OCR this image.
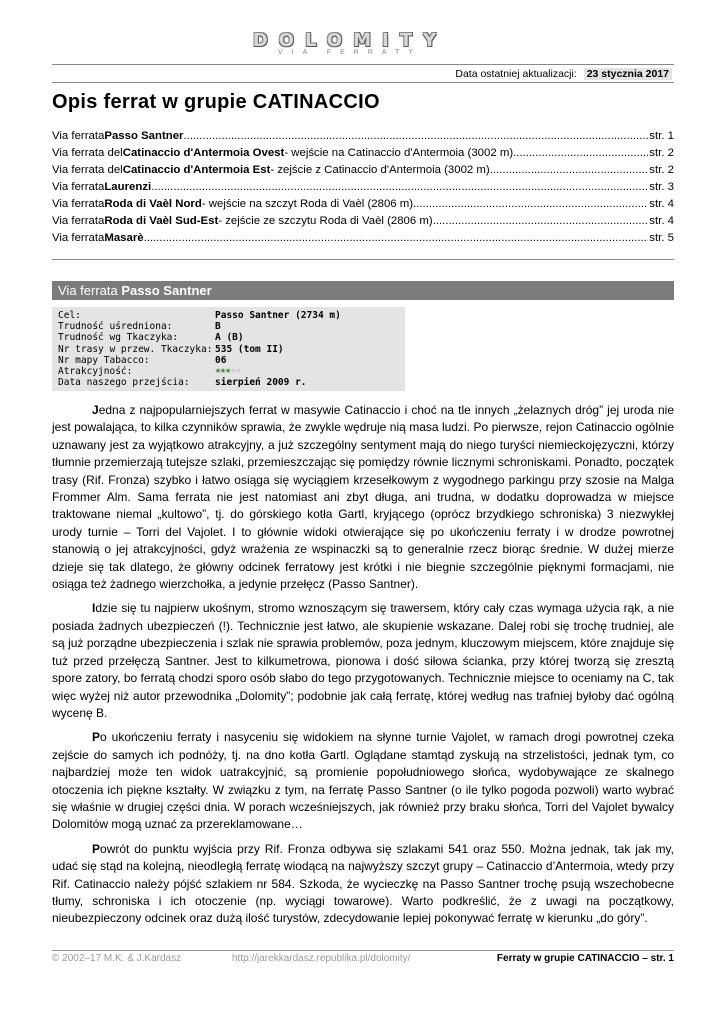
DOLOMITY
VIA FERRATY
Data ostatniej aktualizacji: 23 stycznia 2017
Opis ferrat w grupie CATINACCIO
Via ferrata Passo Santner .....	str. 1
Via ferrata del Catinaccio d'Antermoia Ovest - wejście na Catinaccio d'Antermoia (3002 m) .....	str. 2
Via ferrata del Catinaccio d'Antermoia Est - zejście z Catinaccio d'Antermoia (3002 m) .....	str. 2
Via ferrata Laurenzi .....	str. 3
Via ferrata Roda di Vaèl Nord - wejście na szczyt Roda di Vaèl (2806 m) .....	str. 4
Via ferrata Roda di Vaèl Sud-Est - zejście ze szczytu Roda di Vaèl (2806 m) .....	str. 4
Via ferrata Masarè .....	str. 5
Via ferrata Passo Santner
Cel:	Passo Santner (2734 m)
Trudność uśredniona:	B
Trudność wg Tkaczyka:	A (B)
Nr trasy w przew. Tkaczyka: 535 (tom II)
Nr mapy Tabacco:	06
Atrakcyjność:	★★★★★
Data naszego przejścia:	sierpień 2009 r.

Jedna z najpopularniejszych ferrat w masywie Catinaccio i choć na tle innych „żelaznych dróg” jej uroda nie jest powalająca, to kilka czynników sprawia, że zwykle wędruje nią masa ludzi. Po pierwsze, rejon Catinaccio ogólnie uznawany jest za wyjątkowo atrakcyjny, a już szczególny sentyment mają do niego turyści niemieckojęzyczni, którzy tłumnie przemierzają tutejsze szlaki, przemieszczając się pomiędzy równie licznymi schroniskami. Ponadto, początek trasy (Rif. Fronza) szybko i łatwo osiąga się wyciągiem krzesełkowym z wygodnego parkingu przy szosie na Malga Frommer Alm. Sama ferrata nie jest natomiast ani zbyt długa, ani trudna, w dodatku doprowadza w miejsce traktowane niemal „kultowo”, tj. do górskiego kotła Gartl, kryjącego (oprócz brzydkiego schroniska) 3 niezwykłej urody turnie – Torri del Vajolet. I to głównie widoki otwierające się po ukończeniu ferraty i w drodze powrotnej stanowią o jej atrakcyjności, gdyż wrażenia ze wspinaczki są to generalnie rzecz biorąc średnie. W dużej mierze dzieje się tak dlatego, że główny odcinek ferratowy jest krótki i nie biegnie szczególnie pięknymi formacjami, nie osiąga też żadnego wierzchołka, a jedynie przełęcz (Passo Santner).

Idzie się tu najpierw ukośnym, stromo wznoszącym się trawersem, który cały czas wymaga użycia rąk, a nie posiada żadnych ubezpieczeń (!). Technicznie jest łatwo, ale skupienie wskazane. Dalej robi się trochę trudniej, ale są już porządne ubezpieczenia i szlak nie sprawia problemów, poza jednym, kluczowym miejscem, które znajduje się tuż przed przełęczą Santner. Jest to kilkumetrowa, pionowa i dość siłowa ścianka, przy której tworzą się zresztą spore zatory, bo ferratą chodzi sporo osób słabo do tego przygotowanych. Technicznie miejsce to oceniamy na C, tak więc wyżej niż autor przewodnika „Dolomity”; podobnie jak całą ferratę, której według nas trafniej byłoby dać ogólną wycenę B.

Po ukończeniu ferraty i nasyceniu się widokiem na słynne turnie Vajolet, w ramach drogi powrotnej czeka zejście do samych ich podnóży, tj. na dno kotła Gartl. Oglądane stamtąd zyskują na strzelistości, jednak tym, co najbardziej może ten widok uatrakcyjnić, są promienie popołudniowego słońca, wydobywające ze skalnego otoczenia ich piękne kształty. W związku z tym, na ferratę Passo Santner (o ile tylko pogoda pozwoli) warto wybrać się właśnie w drugiej części dnia. W porach wcześniejszych, jak również przy braku słońca, Torri del Vajolet bywalcy Dolomitów mogą uznać za przereklamowane…

Powrót do punktu wyjścia przy Rif. Fronza odbywa się szlakami 541 oraz 550. Można jednak, tak jak my, udać się stąd na kolejną, nieodległą ferratę wiodącą na najwyższy szczyt grupy – Catinaccio d’Antermoia, wtedy przy Rif. Catinaccio należy pójść szlakiem nr 584. Szkoda, że wycieczkę na Passo Santner trochę psują wszechobecne tłumy, schroniska i ich otoczenie (np. wyciągi towarowe). Warto podkreślić, że z uwagi na początkowy, nieubezpieczony odcinek oraz dużą ilość turystów, zdecydowanie lepiej pokonywać ferratę w kierunku „do góry”.

© 2002–17 M.K. & J.Kardasz	http://jarekkardasz.republika.pl/dolomity/	Ferraty w grupie CATINACCIO – str. 1
